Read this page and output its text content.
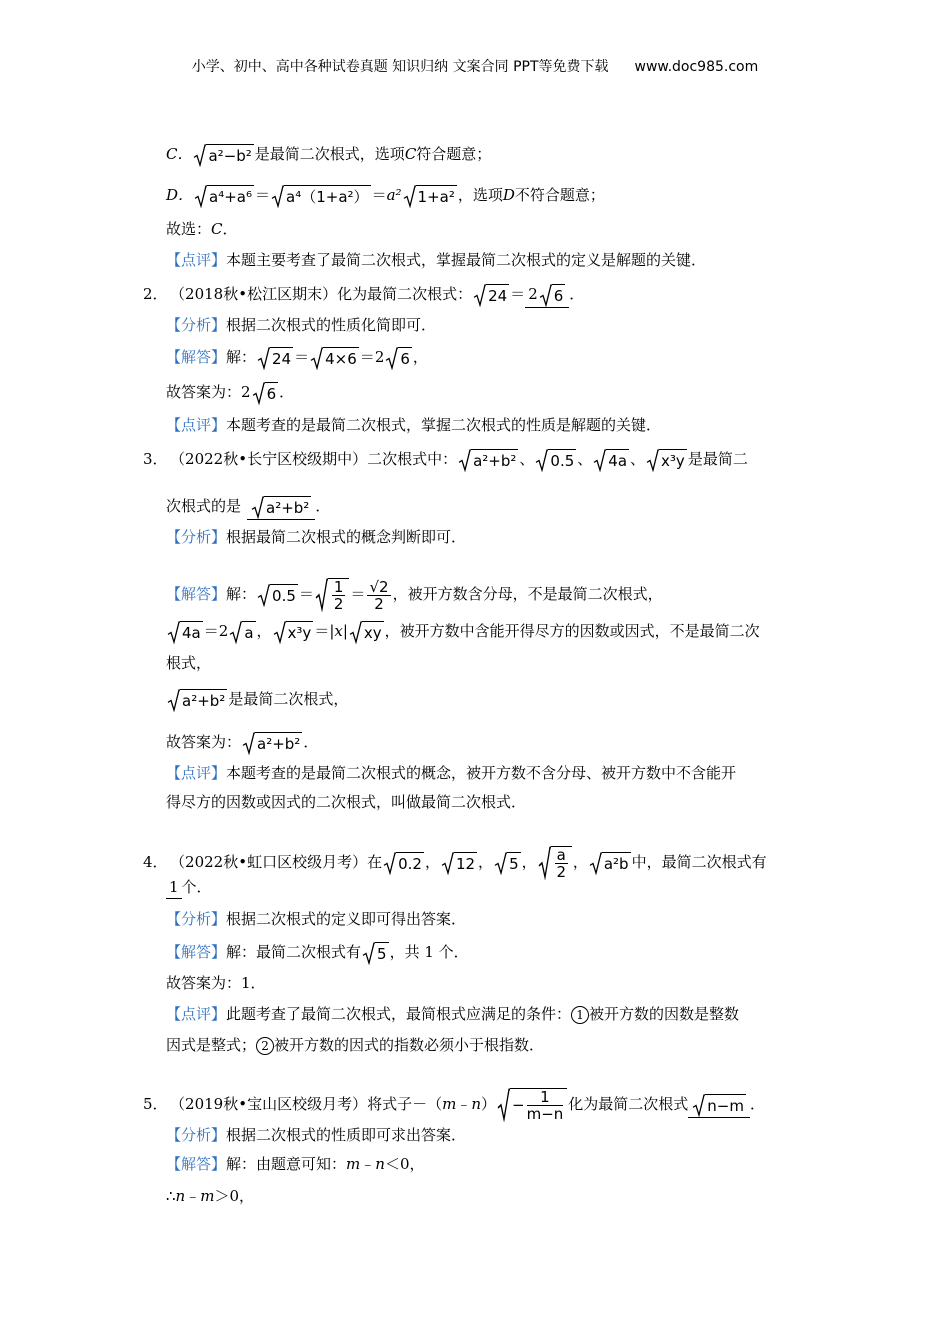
小学、初中、高中各种试卷真题 知识归纳 文案合同 PPT等免费下载 www.doc985.com
C． a²−b² 是最简二次根式，选项C符合题意；
D． a⁴+a⁶ ＝ a⁴（1+a²） ＝a² 1+a² ，选项D不符合题意；
故选：C．
【点评】本题主要考查了最简二次根式，掌握最简二次根式的定义是解题的关键．
2． （2018秋•松江区期末）化为最简二次根式： 24 ＝ 2 6 ．
【分析】根据二次根式的性质化简即可．
【解答】解： 24 ＝ 4×6 ＝2 6 ，
故答案为：2 6 ．
【点评】本题考查的是最简二次根式，掌握二次根式的性质是解题的关键．
3． （2022秋•长宁区校级期中）二次根式中： a²+b² 、 0.5 、 4a 、 x³y 是最简二
次根式的是 a²+b² ．
【分析】根据最简二次根式的概念判断即可．
【解答】解： $0.5 = \frac{1}{2} = \frac{√2}{2}$ ，被开方数含分母，不是最简二次根式，
4a ＝2 a ， x³y ＝|x| xy ，被开方数中含能开得尽方的因数或因式，不是最简二次
根式，
a²+b² 是最简二次根式，
故答案为： a²+b² ．
【点评】本题考查的是最简二次根式的概念，被开方数不含分母、被开方数中不含能开
得尽方的因数或因式的二次根式，叫做最简二次根式．
4． （2022秋•虹口区校级月考）在 0.2 ， 12 ， 5 ， $\frac{a}{2}$ ， a²b 中，最简二次根式有
1 个．
【分析】根据二次根式的定义即可得出答案．
【解答】解：最简二次根式有 5 ，共 1 个．
故答案为：1．
【点评】此题考查了最简二次根式，最简根式应满足的条件： 1 被开方数的因数是整数
因式是整式； 2 被开方数的因式的指数必须小于根指数．
5． （2019秋•宝山区校级月考）将式子－（m﹣n） − $\frac{1}{m-n}$ 化为最简二次根式 n−m ．
【分析】根据二次根式的性质即可求出答案．
【解答】解：由题意可知：m﹣n＜0，
∴n﹣m＞0，
